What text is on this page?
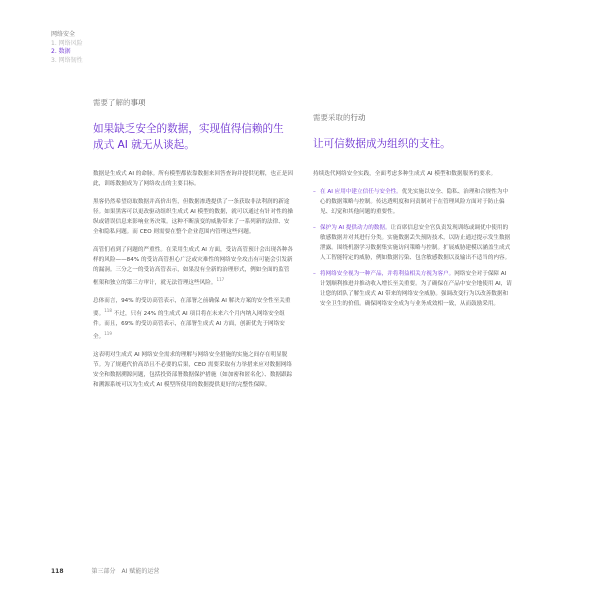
网络安全
1. 网络风险
2. 数据
3. 网络韧性
需要了解的事项
如果缺乏安全的数据，实现值得信赖的生成式 AI 就无从谈起。

数据是生成式 AI 的命脉。所有模型都依靠数据来回答查询并提供见解，也正是因此，训练数据成为了网络攻击的主要目标。

黑客仍然希望窃取数据并高价出售，但数据渗透提供了一条获取非法利润的新途径。如果黑客可以更改驱动组织生成式 AI 模型的数据，就可以通过有针对性的操纵或错误信息来影响业务决策。这种不断演变的威胁带来了一系列新的法律、安全和隐私问题。而 CEO 则需要在整个企业范围内管理这些问题。

高管们看到了问题的严重性。在采用生成式 AI 方面，受访高管预计会出现各种各样的风险——84% 的受访高管担心广泛或灾难性的网络安全攻击有可能会引发新的漏洞。三分之一的受访高管表示，如果没有全新的治理形式，例如全面的监管框架和独立的第三方审计，就无法管理这些风险。$^{117}$

总体而言，94% 的受访高管表示，在部署之前确保 AI 解决方案的安全性至关重要。$^{118}$ 不过，只有 24% 的生成式 AI 项目将在未来六个月内纳入网络安全组件。而且，69% 的受访高管表示，在部署生成式 AI 方面，创新优先于网络安全。$^{119}$

这表明对生成式 AI 网络安全需求的理解与网络安全措施的实施之间存在明显脱节。为了规避代价高昂且不必要的后果，CEO 需要采取有力举措来应对数据网络安全和数据溯源问题，包括投资部署数据保护措施（如加密和匿名化）、数据跟踪和溯源系统可以为生成式 AI 模型所使用的数据提供更好的完整性保障。

需要采取的行动
让可信数据成为组织的支柱。

持续迭代网络安全实践，全面考虑多种生成式 AI 模型和数据服务的要求。

– 在 AI 应用中建立信任与安全性。优先实施以安全、隐私、治理和合规性为中心的数据策略与控制。传达透明度和问责制对于在管理风险方面对于防止偏见、幻觉和其他问题的重要性。
– 保护为 AI 提供动力的数据。让首席信息安全官负责发现训练或调优中使用的敏感数据并对其进行分类。实施数据丢失预防技术，以防止通过提示发生数据泄露。围绕机器学习数据集实施访问策略与控制。扩展威胁建模以涵盖生成式人工智能特定的威胁，例如数据污染、包含敏感数据以及输出不适当的内容。
– 将网络安全视为一种产品，并将利益相关方视为客户。网络安全对于保障 AI 计划顺利推进并推动收入增长至关重要。为了确保在产品中安全地使用 AI，请让您的团队了解生成式 AI 带来的网络安全威胁。强调改变行为以改善数据和安全卫生的价值。确保网络安全成为与业务成效相一致，从而鼓励采用。
118	第三部分 AI 赋能的运营
